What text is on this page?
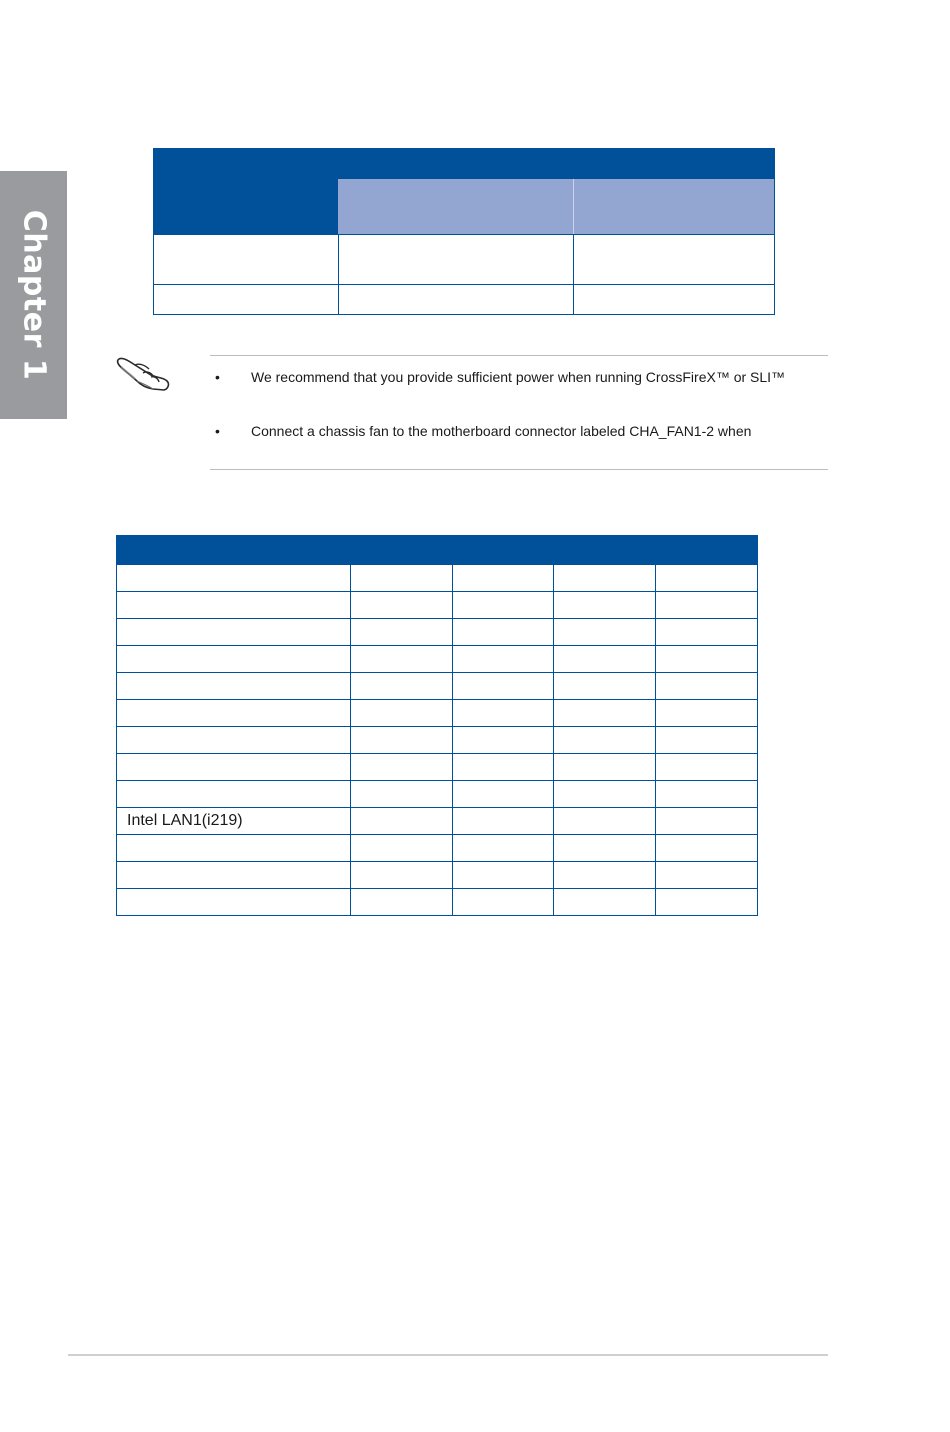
Chapter 1	• We recommend that you provide sufficient power when running CrossFireX™ or SLI™
• Connect a chassis fan to the motherboard connector labeled CHA_FAN1-2 when
Intel LAN1(i219)
